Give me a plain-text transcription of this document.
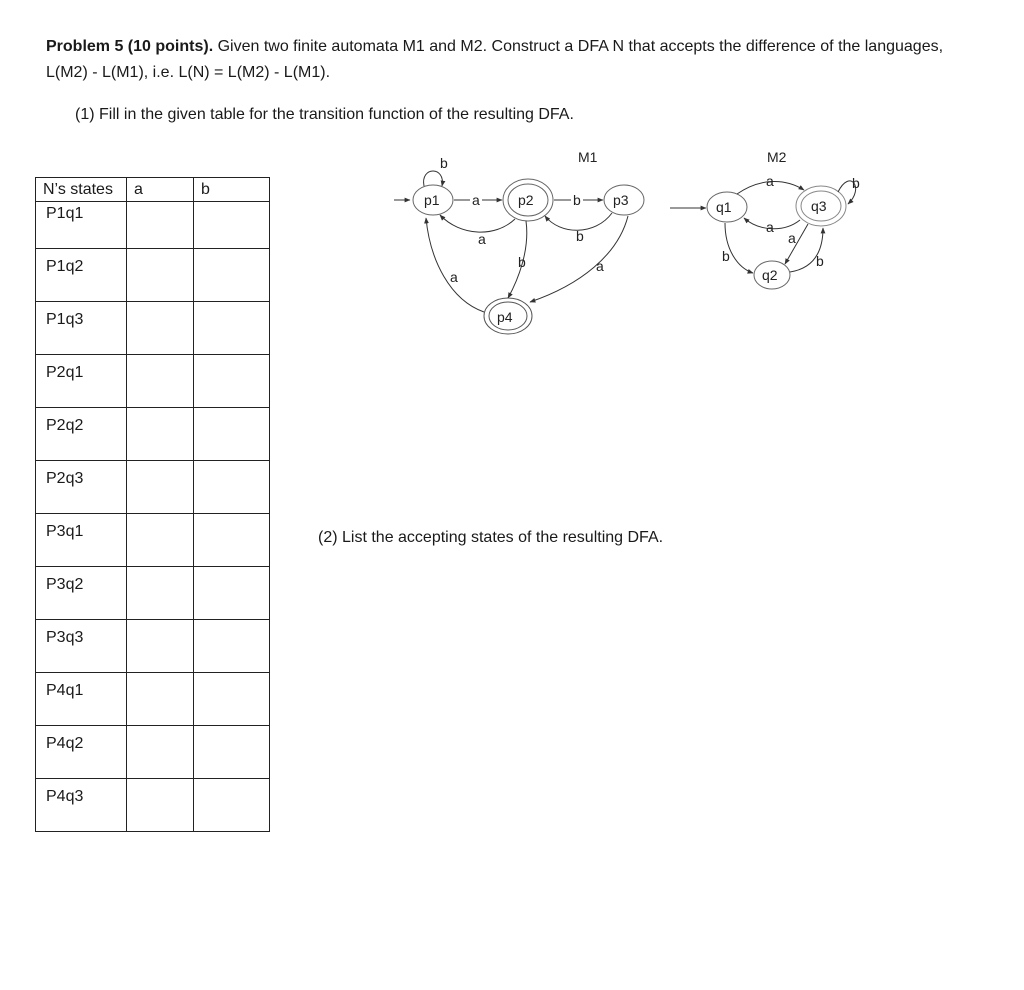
Problem 5 (10 points). Given two finite automata M1 and M2. Construct a DFA N that accepts the difference of the languages, L(M2) - L(M1), i.e. L(N) = L(M2) - L(M1).
(1) Fill in the given table for the transition function of the resulting DFA.
N’s states	a	b
P1q1		
P1q2		
P1q3		
P2q1		
P2q2		
P2q3		
P3q1		
P3q2		
P3q3		
P4q1		
P4q2		
P4q3		
M1
p1	p2	p3
p4
b
a	b
a	b
a
b	a
M2
q1
q2
q3
a
a
b
b
a
b
(2) List the accepting states of the resulting DFA.
